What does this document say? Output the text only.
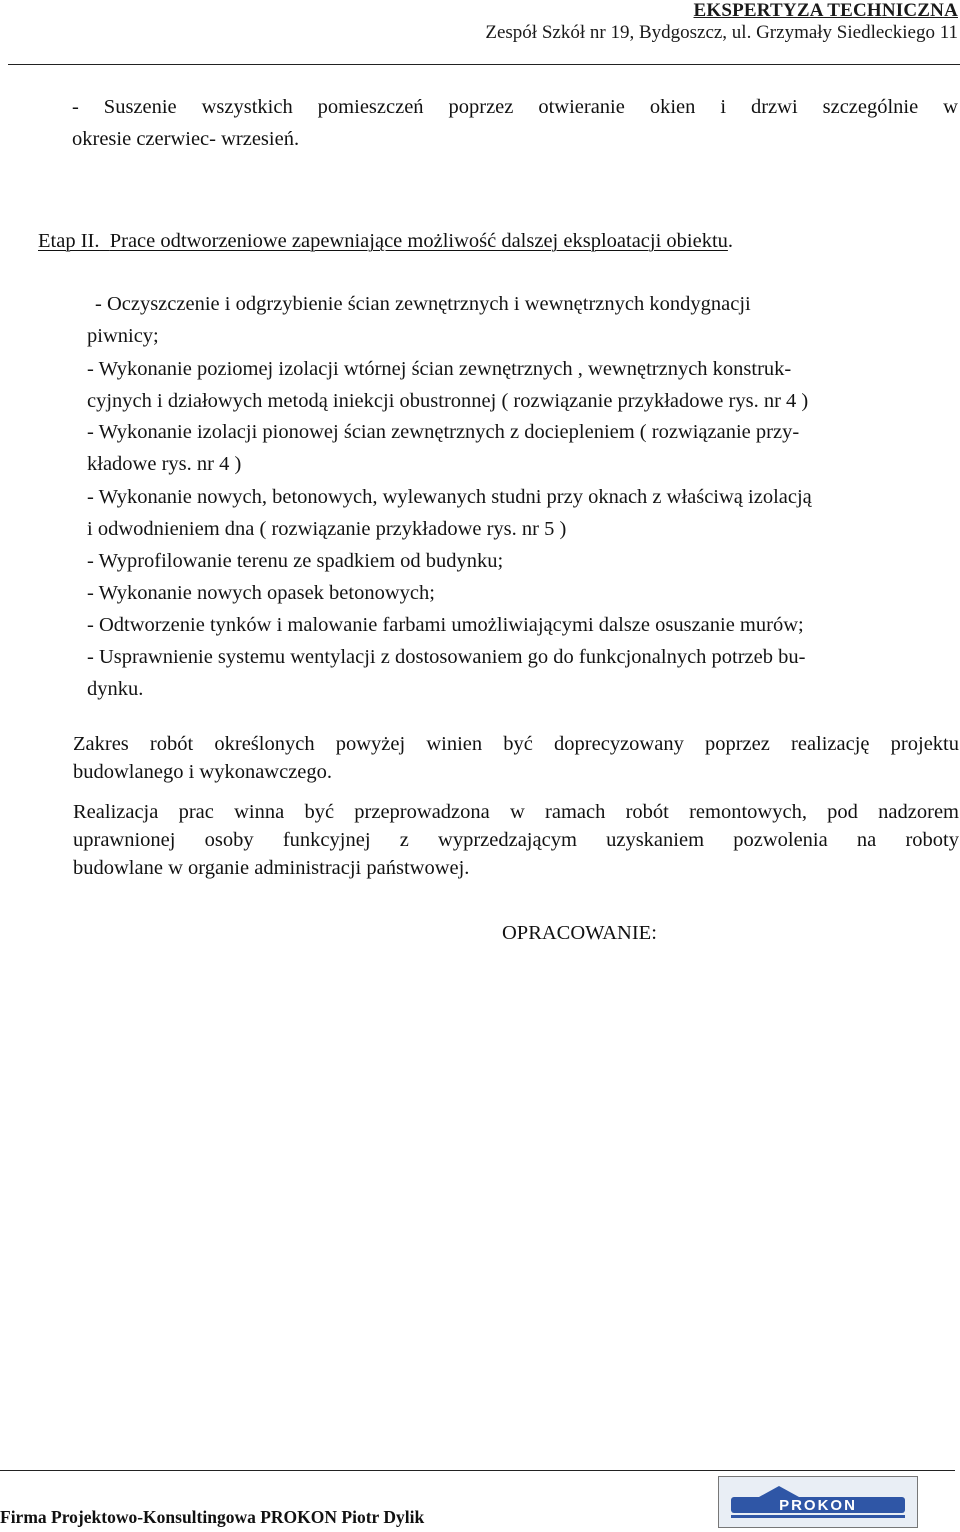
EKSPERTYZA TECHNICZNA
Zespół Szkół nr 19, Bydgoszcz, ul. Grzymały Siedleckiego 11
- Suszenie wszystkich pomieszczeń poprzez otwieranie okien i drzwi szczególnie w
okresie czerwiec- wrzesień.
Etap II. Prace odtworzeniowe zapewniające możliwość dalszej eksploatacji obiektu.
- Oczyszczenie i odgrzybienie ścian zewnętrznych i wewnętrznych kondygnacji
piwnicy;
- Wykonanie poziomej izolacji wtórnej ścian zewnętrznych , wewnętrznych konstruk-
cyjnych i działowych metodą iniekcji obustronnej ( rozwiązanie przykładowe rys. nr 4 )
- Wykonanie izolacji pionowej ścian zewnętrznych z dociepleniem ( rozwiązanie przy-
kładowe rys. nr 4 )
- Wykonanie nowych, betonowych, wylewanych studni przy oknach z właściwą izolacją
i odwodnieniem dna ( rozwiązanie przykładowe rys. nr 5 )
- Wyprofilowanie terenu ze spadkiem od budynku;
- Wykonanie nowych opasek betonowych;
- Odtworzenie tynków i malowanie farbami umożliwiającymi dalsze osuszanie murów;
- Usprawnienie systemu wentylacji z dostosowaniem go do funkcjonalnych potrzeb bu-
dynku.
Zakres robót określonych powyżej winien być doprecyzowany poprzez realizację projektu
budowlanego i wykonawczego.
Realizacja prac winna być przeprowadzona w ramach robót remontowych, pod nadzorem
uprawnionej osoby funkcyjnej z wyprzedzającym uzyskaniem pozwolenia na roboty
budowlane w organie administracji państwowej.
OPRACOWANIE:
Firma Projektowo-Konsultingowa PROKON Piotr Dylik
PROKON
